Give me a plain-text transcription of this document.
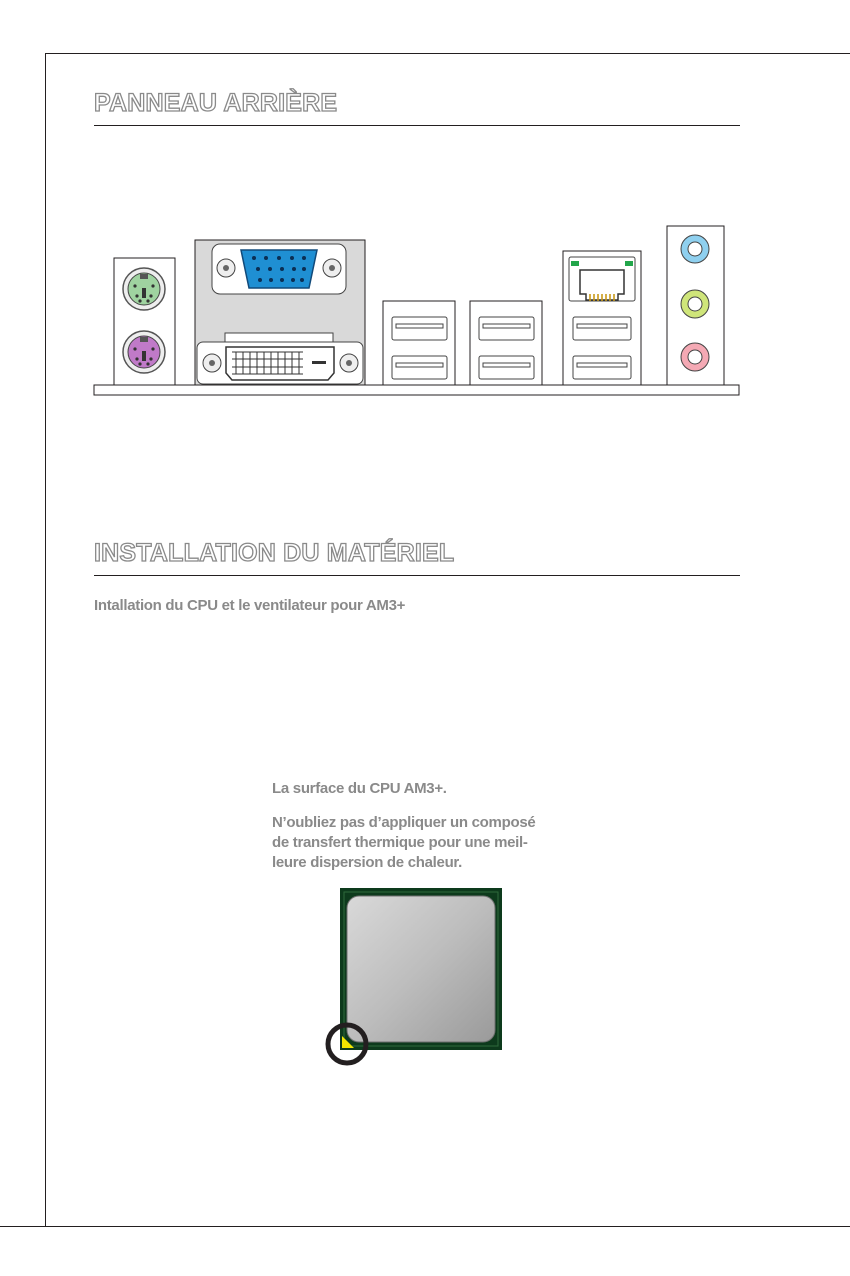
PANNEAU ARRIÈRE
INSTALLATION DU MATÉRIEL

Intallation du CPU et le ventilateur pour AM3+

La surface du CPU AM3+.

N’oubliez pas d’appliquer un composé
de transfert thermique pour une meil-
leure dispersion de chaleur.
